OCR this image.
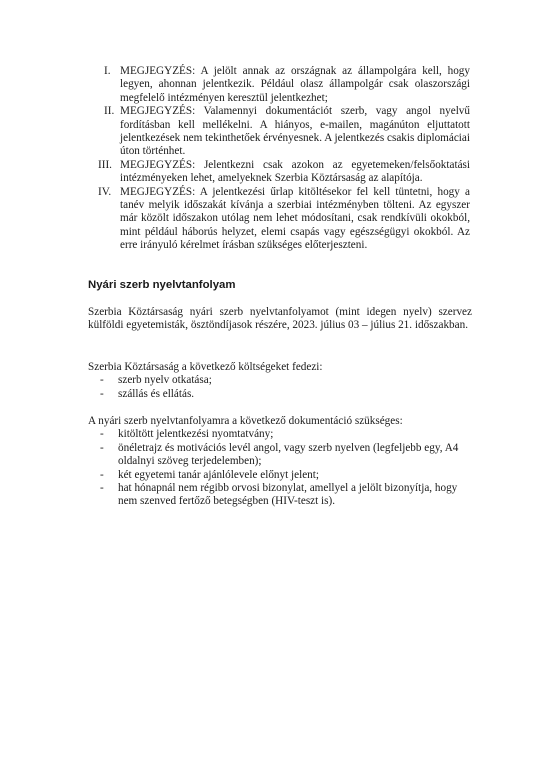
I. MEGJEGYZÉS: A jelölt annak az országnak az állampolgára kell, hogy legyen, ahonnan jelentkezik. Például olasz állampolgár csak olaszországi megfelelő intézményen keresztül jelentkezhet;
II. MEGJEGYZÉS: Valamennyi dokumentációt szerb, vagy angol nyelvű fordításban kell mellékelni. A hiányos, e-mailen, magánúton eljuttatott jelentkezések nem tekinthetőek érvényesnek. A jelentkezés csakis diplomáciai úton történhet.
III. MEGJEGYZÉS: Jelentkezni csak azokon az egyetemeken/felsőoktatási intézményeken lehet, amelyeknek Szerbia Köztársaság az alapítója.
IV. MEGJEGYZÉS: A jelentkezési űrlap kitöltésekor fel kell tüntetni, hogy a tanév melyik időszakát kívánja a szerbiai intézményben tölteni. Az egyszer már közölt időszakon utólag nem lehet módosítani, csak rendkívüli okokból, mint például háborús helyzet, elemi csapás vagy egészségügyi okokból. Az erre irányuló kérelmet írásban szükséges előterjeszteni.
Nyári szerb nyelvtanfolyam

Szerbia Köztársaság nyári szerb nyelvtanfolyamot (mint idegen nyelv) szervez külföldi egyetemisták, ösztöndíjasok részére, 2023. július 03 – július 21. időszakban.

Szerbia Köztársaság a következő költségeket fedezi:
- szerb nyelv otkatása;
- szállás és ellátás.
A nyári szerb nyelvtanfolyamra a következő dokumentáció szükséges:
- kitöltött jelentkezési nyomtatvány;
- önéletrajz és motivációs levél angol, vagy szerb nyelven (legfeljebb egy, A4 oldalnyi szöveg terjedelemben);
- két egyetemi tanár ajánlólevele előnyt jelent;
- hat hónapnál nem régibb orvosi bizonylat, amellyel a jelölt bizonyítja, hogy nem szenved fertőző betegségben (HIV-teszt is).
